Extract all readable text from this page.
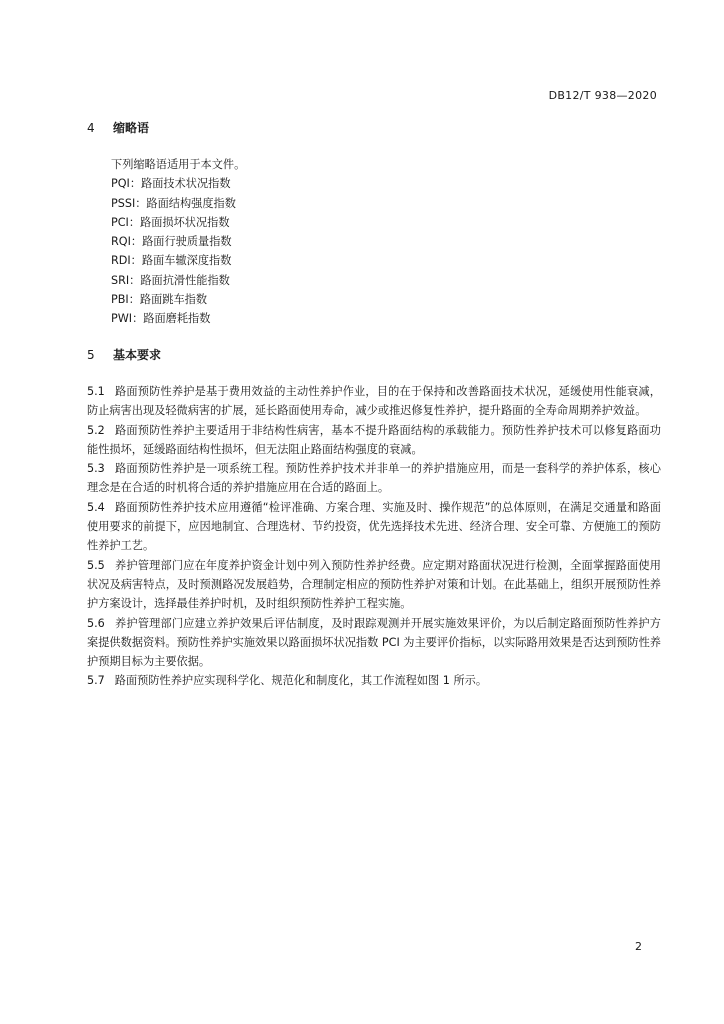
DB12/T 938—2020
4 缩略语
下列缩略语适用于本文件。
PQI：路面技术状况指数
PSSI：路面结构强度指数
PCI：路面损坏状况指数
RQI：路面行驶质量指数
RDI：路面车辙深度指数
SRI：路面抗滑性能指数
PBI：路面跳车指数
PWI：路面磨耗指数
5 基本要求
5.1 路面预防性养护是基于费用效益的主动性养护作业，目的在于保持和改善路面技术状况，延缓使用性能衰减，防止病害出现及轻微病害的扩展，延长路面使用寿命，减少或推迟修复性养护，提升路面的全寿命周期养护效益。
5.2 路面预防性养护主要适用于非结构性病害，基本不提升路面结构的承载能力。预防性养护技术可以修复路面功能性损坏，延缓路面结构性损坏，但无法阻止路面结构强度的衰减。
5.3 路面预防性养护是一项系统工程。预防性养护技术并非单一的养护措施应用，而是一套科学的养护体系，核心理念是在合适的时机将合适的养护措施应用在合适的路面上。
5.4 路面预防性养护技术应用遵循“检评准确、方案合理、实施及时、操作规范”的总体原则，在满足交通量和路面使用要求的前提下，应因地制宜、合理选材、节约投资，优先选择技术先进、经济合理、安全可靠、方便施工的预防性养护工艺。
5.5 养护管理部门应在年度养护资金计划中列入预防性养护经费。应定期对路面状况进行检测，全面掌握路面使用状况及病害特点，及时预测路况发展趋势，合理制定相应的预防性养护对策和计划。在此基础上，组织开展预防性养护方案设计，选择最佳养护时机，及时组织预防性养护工程实施。
5.6 养护管理部门应建立养护效果后评估制度，及时跟踪观测并开展实施效果评价，为以后制定路面预防性养护方案提供数据资料。预防性养护实施效果以路面损坏状况指数 PCI 为主要评价指标，以实际路用效果是否达到预防性养护预期目标为主要依据。
5.7 路面预防性养护应实现科学化、规范化和制度化，其工作流程如图 1 所示。
2
